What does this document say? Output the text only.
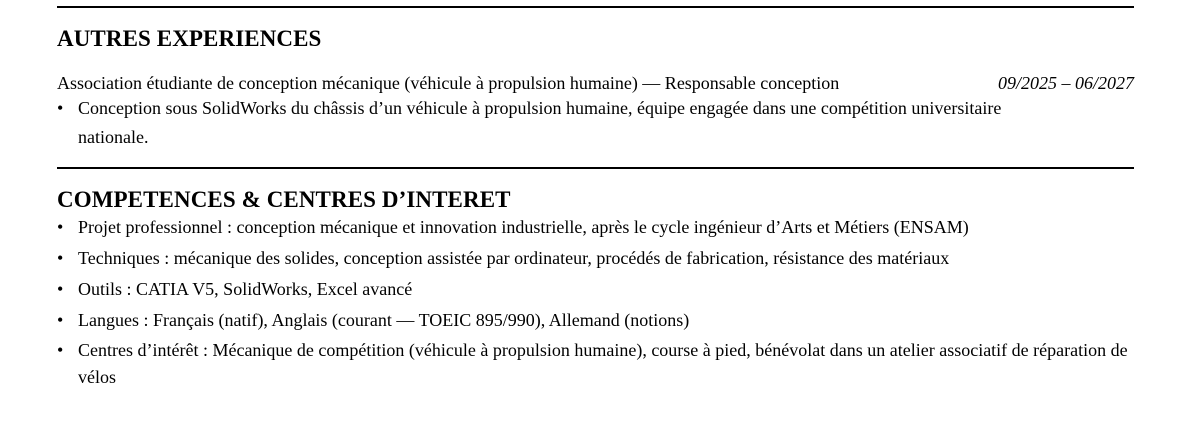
AUTRES EXPERIENCES
Association étudiante de conception mécanique (véhicule à propulsion humaine) — Responsable conception	09/2025 – 06/2027
• Conception sous SolidWorks du châssis d’un véhicule à propulsion humaine, équipe engagée dans une compétition universitaire nationale.
COMPETENCES & CENTRES D’INTERET
• Projet professionnel : conception mécanique et innovation industrielle, après le cycle ingénieur d’Arts et Métiers (ENSAM)
• Techniques : mécanique des solides, conception assistée par ordinateur, procédés de fabrication, résistance des matériaux
• Outils : CATIA V5, SolidWorks, Excel avancé
• Langues : Français (natif), Anglais (courant — TOEIC 895/990), Allemand (notions)
• Centres d’intérêt : Mécanique de compétition (véhicule à propulsion humaine), course à pied, bénévolat dans un atelier associatif de réparation de vélos
